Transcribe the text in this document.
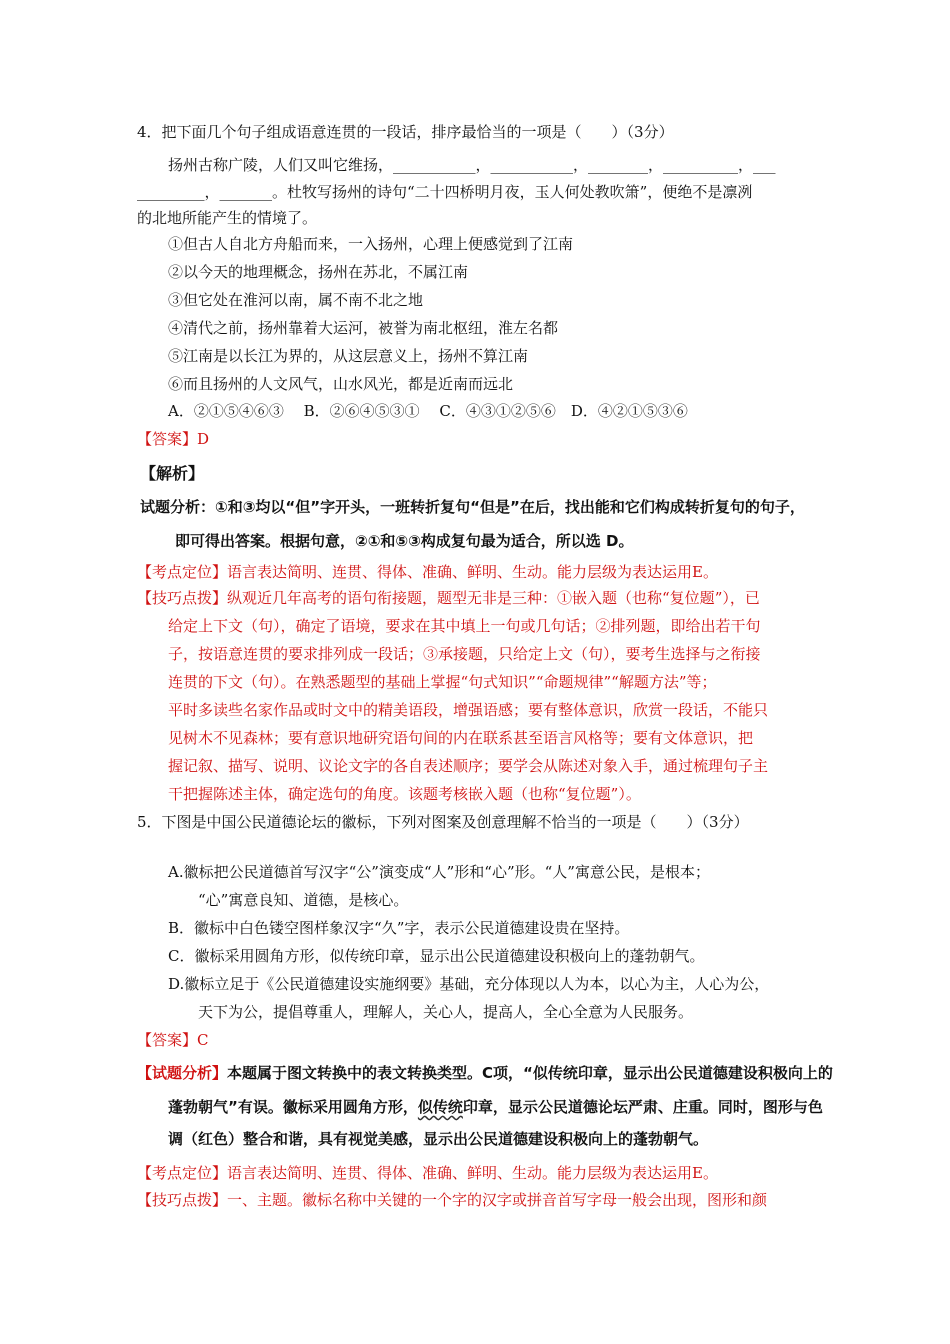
4．把下面几个句子组成语意连贯的一段话，排序最恰当的一项是（　　）（3分）
扬州古称广陵，人们又叫它维扬，___________，___________，________，__________，___
_________，_______。杜牧写扬州的诗句“二十四桥明月夜，玉人何处教吹箫”，便绝不是凛冽
的北地所能产生的情境了。
①但古人自北方舟船而来，一入扬州，心理上便感觉到了江南
②以今天的地理概念，扬州在苏北，不属江南
③但它处在淮河以南，属不南不北之地
④清代之前，扬州靠着大运河，被誉为南北枢纽，淮左名都
⑤江南是以长江为界的，从这层意义上，扬州不算江南
⑥而且扬州的人文风气，山水风光，都是近南而远北
A．②①⑤④⑥③　 B．②⑥④⑤③①　 C．④③①②⑤⑥　D．④②①⑤③⑥
【答案】D
【解析】
试题分析：①和③均以“但”字开头，一班转折复句“但是”在后，找出能和它们构成转折复句的句子，
即可得出答案。根据句意，②①和⑤③构成复句最为适合，所以选 D。
【考点定位】语言表达简明、连贯、得体、准确、鲜明、生动。能力层级为表达运用E。
【技巧点拨】纵观近几年高考的语句衔接题，题型无非是三种：①嵌入题（也称“复位题”），已
给定上下文（句），确定了语境，要求在其中填上一句或几句话；②排列题，即给出若干句
子，按语意连贯的要求排列成一段话；③承接题，只给定上文（句），要考生选择与之衔接
连贯的下文（句）。在熟悉题型的基础上掌握“句式知识”“命题规律”“解题方法”等；
平时多读些名家作品或时文中的精美语段，增强语感；要有整体意识，欣赏一段话，不能只
见树木不见森林；要有意识地研究语句间的内在联系甚至语言风格等；要有文体意识，把
握记叙、描写、说明、议论文字的各自表述顺序；要学会从陈述对象入手，通过梳理句子主
干把握陈述主体，确定选句的角度。该题考核嵌入题（也称“复位题”）。
5．下图是中国公民道德论坛的徽标，下列对图案及创意理解不恰当的一项是（　　）（3分）
A.徽标把公民道德首写汉字“公”演变成“人”形和“心”形。“人”寓意公民，是根本；
“心”寓意良知、道德，是核心。
B．徽标中白色镂空图样象汉字“久”字，表示公民道德建设贵在坚持。
C．徽标采用圆角方形，似传统印章，显示出公民道德建设积极向上的蓬勃朝气。
D.徽标立足于《公民道德建设实施纲要》基础，充分体现以人为本，以心为主，人心为公，
天下为公，提倡尊重人，理解人，关心人，提高人，全心全意为人民服务。
【答案】C
【试题分析】本题属于图文转换中的表文转换类型。C项，“似传统印章，显示出公民道德建设积极向上的
蓬勃朝气”有误。徽标采用圆角方形，似传统印章，显示公民道德论坛严肃、庄重。同时，图形与色
调（红色）整合和谐，具有视觉美感，显示出公民道德建设积极向上的蓬勃朝气。
【考点定位】语言表达简明、连贯、得体、准确、鲜明、生动。能力层级为表达运用E。
【技巧点拨】一、主题。徽标名称中关键的一个字的汉字或拼音首写字母一般会出现，图形和颜
